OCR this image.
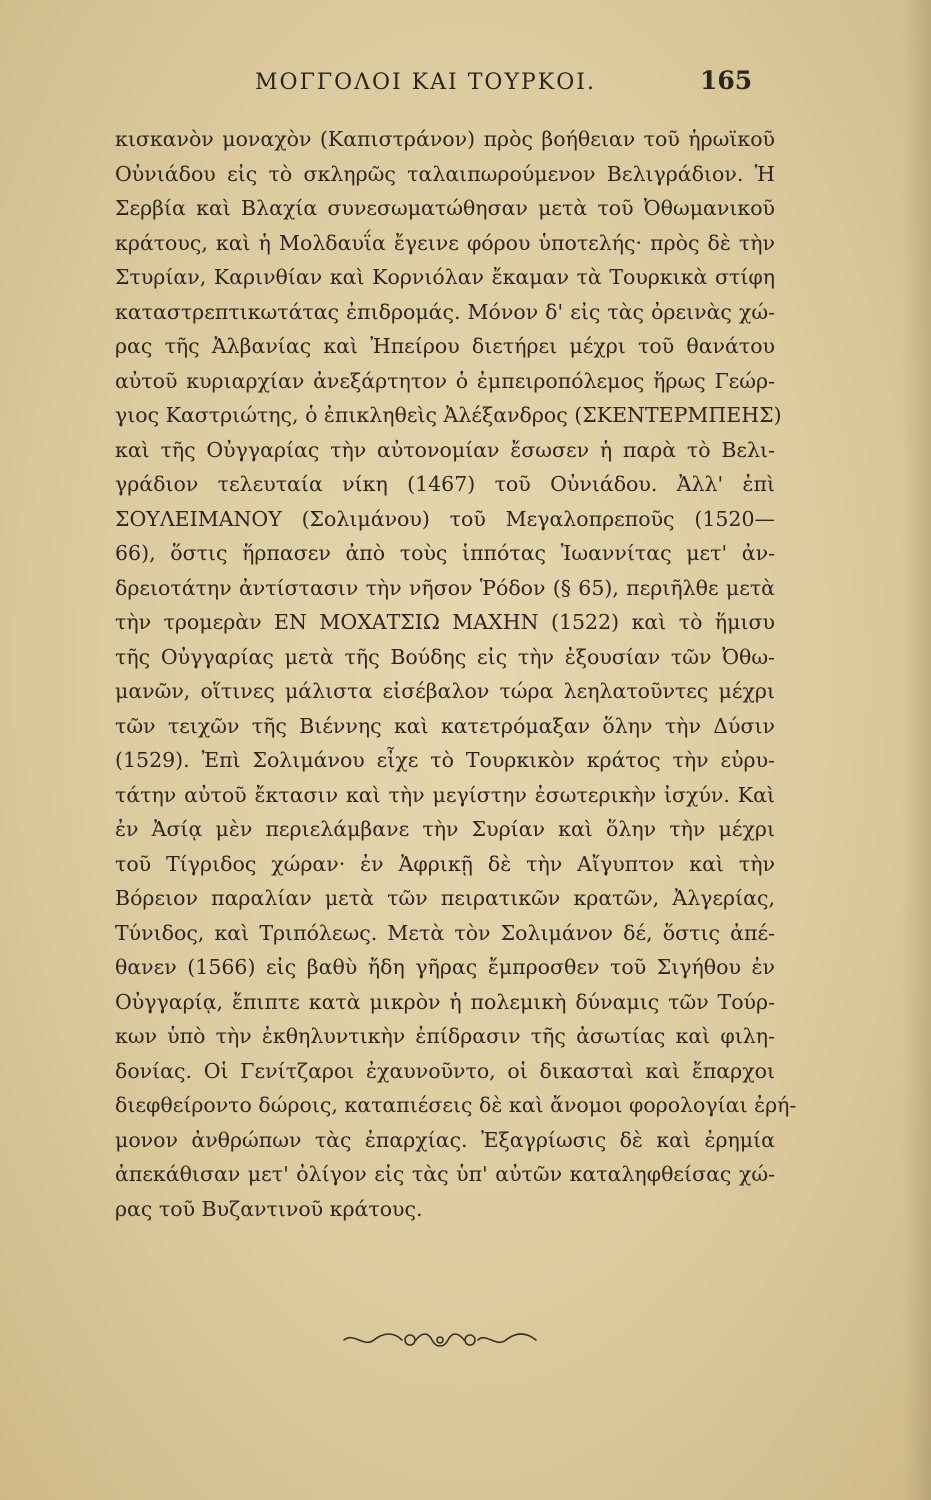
ΜΟΓΓΟΛΟΙ ΚΑΙ ΤΟΥΡΚΟΙ.	165
κισκανὸν μοναχὸν (Καπιστράνον) πρὸς βοήθειαν τοῦ ἡρωϊκοῦ
Οὐνιάδου εἰς τὸ σκληρῶς ταλαιπωρούμενον Βελιγράδιον. Ἡ
Σερβία καὶ Βλαχία συνεσωματώθησαν μετὰ τοῦ Ὀθωμανικοῦ
κράτους, καὶ ἡ Μολδαυΐα ἔγεινε φόρου ὑποτελής· πρὸς δὲ τὴν
Στυρίαν, Καρινθίαν καὶ Κορνιόλαν ἔκαμαν τὰ Τουρκικὰ στίφη
καταστρεπτικωτάτας ἐπιδρομάς. Μόνον δ' εἰς τὰς ὀρεινὰς χώ-
ρας τῆς Ἀλβανίας καὶ Ἠπείρου διετήρει μέχρι τοῦ θανάτου
αὐτοῦ κυριαρχίαν ἀνεξάρτητον ὁ ἐμπειροπόλεμος ἥρως Γεώρ-
γιος Καστριώτης, ὁ ἐπικληθεὶς Ἀλέξανδρος (ΣΚΕΝΤΕΡΜΠΕΗΣ)
καὶ τῆς Οὐγγαρίας τὴν αὐτονομίαν ἔσωσεν ἡ παρὰ τὸ Βελι-
γράδιον τελευταία νίκη (1467) τοῦ Οὐνιάδου. Ἀλλ' ἐπὶ
ΣΟΥΛΕΙΜΑΝΟΥ (Σολιμάνου) τοῦ Μεγαλοπρεποῦς (1520—
66), ὅστις ἥρπασεν ἀπὸ τοὺς ἱππότας Ἰωαννίτας μετ' ἀν-
δρειοτάτην ἀντίστασιν τὴν νῆσον Ῥόδον (§ 65), περιῆλθε μετὰ
τὴν τρομερὰν ΕΝ ΜΟΧΑΤΣΙΩ ΜΑΧΗΝ (1522) καὶ τὸ ἥμισυ
τῆς Οὐγγαρίας μετὰ τῆς Βούδης εἰς τὴν ἐξουσίαν τῶν Ὀθω-
μανῶν, οἵτινες μάλιστα εἰσέβαλον τώρα λεηλατοῦντες μέχρι
τῶν τειχῶν τῆς Βιέννης καὶ κατετρόμαξαν ὅλην τὴν Δύσιν
(1529). Ἐπὶ Σολιμάνου εἶχε τὸ Τουρκικὸν κράτος τὴν εὐρυ-
τάτην αὐτοῦ ἔκτασιν καὶ τὴν μεγίστην ἐσωτερικὴν ἰσχύν. Καὶ
ἐν Ἀσίᾳ μὲν περιελάμβανε τὴν Συρίαν καὶ ὅλην τὴν μέχρι
τοῦ Τίγριδος χώραν· ἐν Ἀφρικῇ δὲ τὴν Αἴγυπτον καὶ τὴν
Βόρειον παραλίαν μετὰ τῶν πειρατικῶν κρατῶν, Ἀλγερίας,
Τύνιδος, καὶ Τριπόλεως. Μετὰ τὸν Σολιμάνον δέ, ὅστις ἀπέ-
θανεν (1566) εἰς βαθὺ ἤδη γῆρας ἔμπροσθεν τοῦ Σιγήθου ἐν
Οὐγγαρίᾳ, ἔπιπτε κατὰ μικρὸν ἡ πολεμικὴ δύναμις τῶν Τούρ-
κων ὑπὸ τὴν ἐκθηλυντικὴν ἐπίδρασιν τῆς ἀσωτίας καὶ φιλη-
δονίας. Οἱ Γενίτζαροι ἐχαυνοῦντο, οἱ δικασταὶ καὶ ἔπαρχοι
διεφθείροντο δώροις, καταπιέσεις δὲ καὶ ἄνομοι φορολογίαι ἐρή-
μονον ἀνθρώπων τὰς ἐπαρχίας. Ἐξαγρίωσις δὲ καὶ ἐρημία
ἀπεκάθισαν μετ' ὀλίγον εἰς τὰς ὑπ' αὐτῶν καταληφθείσας χώ-
ρας τοῦ Βυζαντινοῦ κράτους.
